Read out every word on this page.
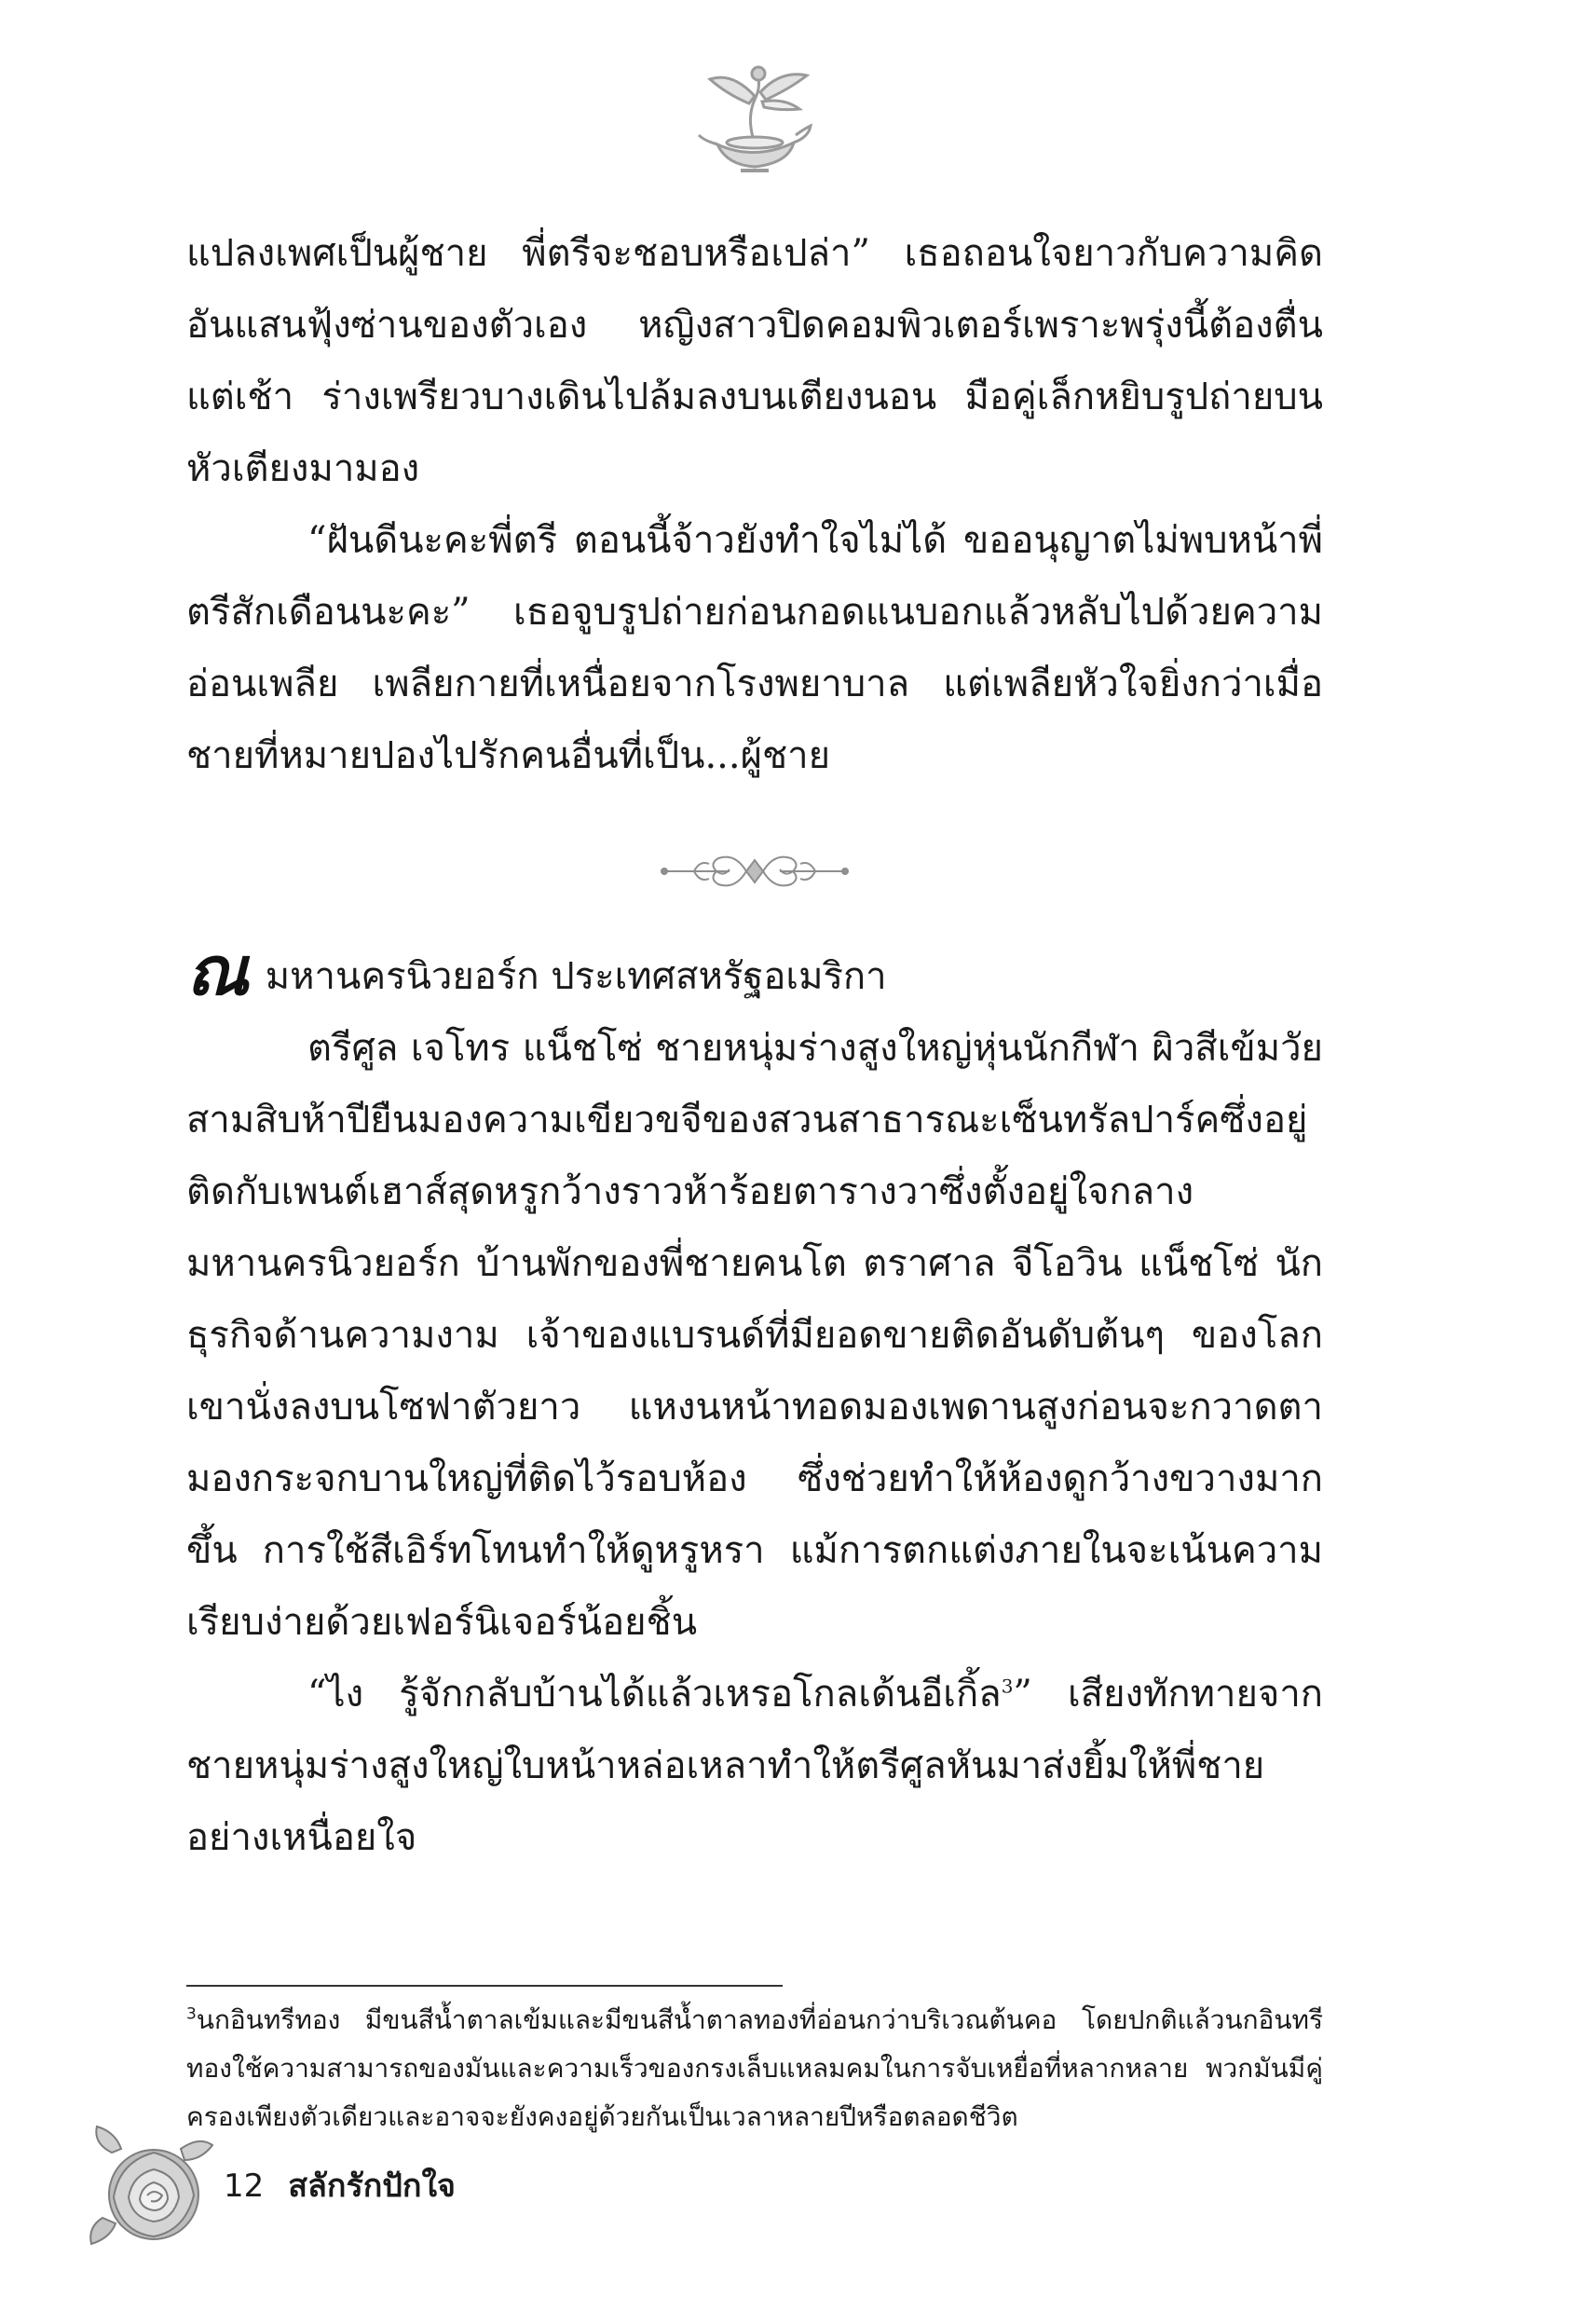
แปลงเพศเป็นผู้ชาย พี่ตรีจะชอบหรือเปล่า” เธอถอนใจยาวกับความคิดอันแสนฟุ้งซ่านของตัวเอง หญิงสาวปิดคอมพิวเตอร์เพราะพรุ่งนี้ต้องตื่นแต่เช้า ร่างเพรียวบางเดินไปล้มลงบนเตียงนอน มือคู่เล็กหยิบรูปถ่ายบนหัวเตียงมามอง

“ฝันดีนะคะพี่ตรี ตอนนี้จ้าวยังทำใจไม่ได้ ขออนุญาตไม่พบหน้าพี่ตรีสักเดือนนะคะ” เธอจูบรูปถ่ายก่อนกอดแนบอกแล้วหลับไปด้วยความอ่อนเพลีย เพลียกายที่เหนื่อยจากโรงพยาบาล แต่เพลียหัวใจยิ่งกว่าเมื่อชายที่หมายปองไปรักคนอื่นที่เป็น...ผู้ชาย

ณมหานครนิวยอร์ก ประเทศสหรัฐอเมริกา

ตรีศูล เจโทร แน็ชโซ่ ชายหนุ่มร่างสูงใหญ่หุ่นนักกีฬา ผิวสีเข้มวัยสามสิบห้าปียืนมองความเขียวขจีของสวนสาธารณะเซ็นทรัลปาร์คซึ่งอยู่ติดกับเพนต์เฮาส์สุดหรูกว้างราวห้าร้อยตารางวาซึ่งตั้งอยู่ใจกลางมหานครนิวยอร์ก บ้านพักของพี่ชายคนโต ตราศาล จีโอวิน แน็ชโซ่ นักธุรกิจด้านความงาม เจ้าของแบรนด์ที่มียอดขายติดอันดับต้นๆ ของโลก เขานั่งลงบนโซฟาตัวยาว แหงนหน้าทอดมองเพดานสูงก่อนจะกวาดตามองกระจกบานใหญ่ที่ติดไว้รอบห้อง ซึ่งช่วยทำให้ห้องดูกว้างขวางมากขึ้น การใช้สีเอิร์ทโทนทำให้ดูหรูหรา แม้การตกแต่งภายในจะเน้นความเรียบง่ายด้วยเฟอร์นิเจอร์น้อยชิ้น

“ไง รู้จักกลับบ้านได้แล้วเหรอโกลเด้นอีเกิ้ล$^3$” เสียงทักทายจากชายหนุ่มร่างสูงใหญ่ใบหน้าหล่อเหลาทำให้ตรีศูลหันมาส่งยิ้มให้พี่ชายอย่างเหนื่อยใจ

$^3$นกอินทรีทอง มีขนสีน้ำตาลเข้มและมีขนสีน้ำตาลทองที่อ่อนกว่าบริเวณต้นคอ โดยปกติแล้วนกอินทรีทองใช้ความสามารถของมันและความเร็วของกรงเล็บแหลมคมในการจับเหยื่อที่หลากหลาย พวกมันมีคู่ครองเพียงตัวเดียวและอาจจะยังคงอยู่ด้วยกันเป็นเวลาหลายปีหรือตลอดชีวิต
12 สลักรักปักใจ
